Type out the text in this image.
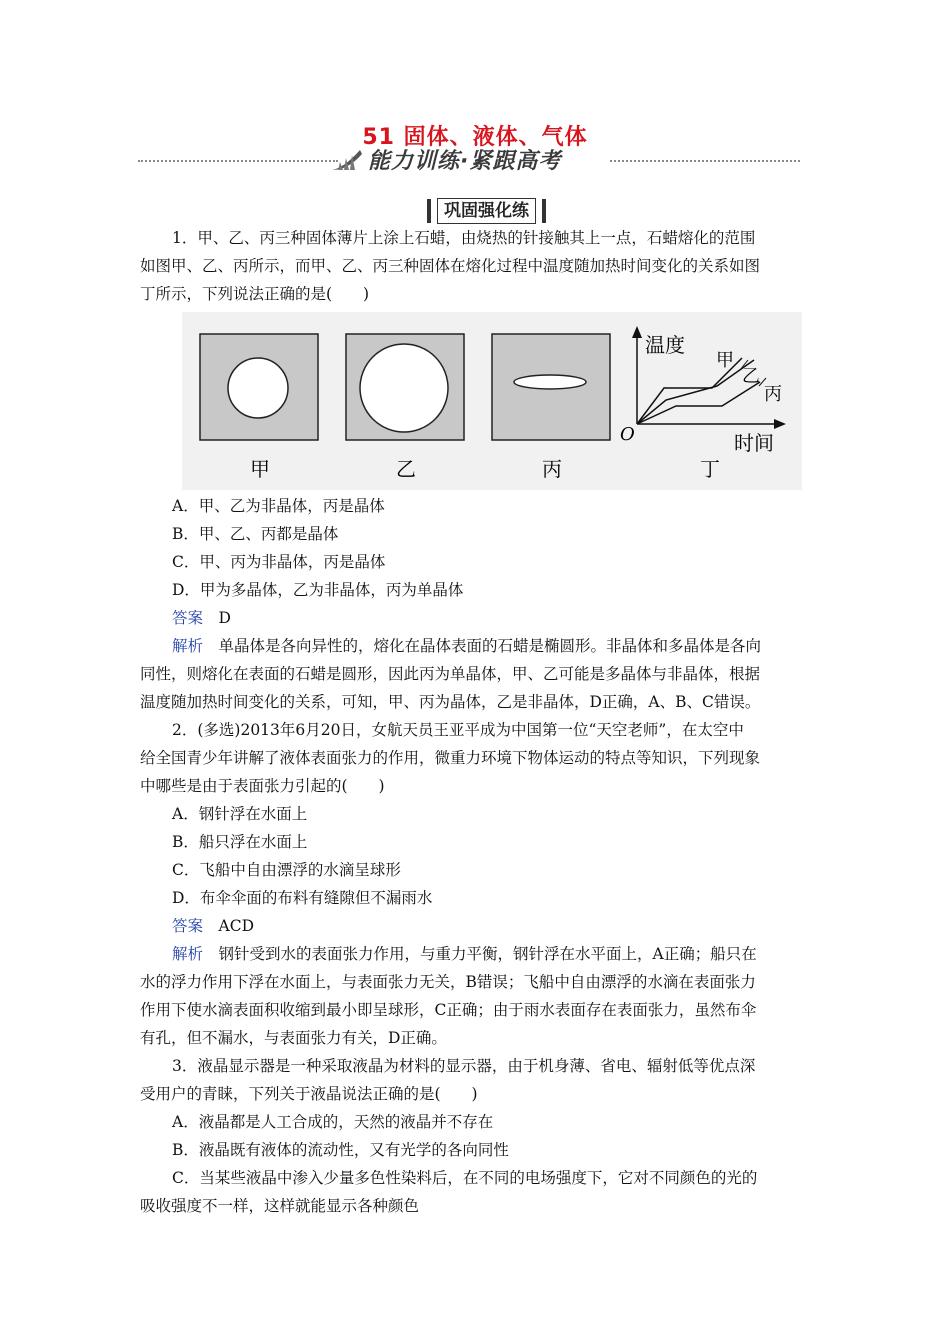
51 固体、液体、气体
能力训练·紧跟高考
巩固强化练
1．甲、乙、丙三种固体薄片上涂上石蜡，由烧热的针接触其上一点，石蜡熔化的范围
如图甲、乙、丙所示，而甲、乙、丙三种固体在熔化过程中温度随加热时间变化的关系如图
丁所示，下列说法正确的是(　　)
温度
甲
乙
丙
O	时间
甲	乙	丙	丁
A．甲、乙为非晶体，丙是晶体
B．甲、乙、丙都是晶体
C．甲、丙为非晶体，丙是晶体
D．甲为多晶体，乙为非晶体，丙为单晶体
答案　 D
解析　 单晶体是各向异性的，熔化在晶体表面的石蜡是椭圆形。非晶体和多晶体是各向
同性，则熔化在表面的石蜡是圆形，因此丙为单晶体，甲、乙可能是多晶体与非晶体，根据
温度随加热时间变化的关系，可知，甲、丙为晶体，乙是非晶体，D正确，A、B、C错误。
2．(多选)2013年6月20日，女航天员王亚平成为中国第一位“天空老师”，在太空中
给全国青少年讲解了液体表面张力的作用，微重力环境下物体运动的特点等知识，下列现象
中哪些是由于表面张力引起的(　　)
A．钢针浮在水面上
B．船只浮在水面上
C．飞船中自由漂浮的水滴呈球形
D．布伞伞面的布料有缝隙但不漏雨水
答案　 ACD
解析　 钢针受到水的表面张力作用，与重力平衡，钢针浮在水平面上，A正确；船只在
水的浮力作用下浮在水面上，与表面张力无关，B错误；飞船中自由漂浮的水滴在表面张力
作用下使水滴表面积收缩到最小即呈球形，C正确；由于雨水表面存在表面张力，虽然布伞
有孔，但不漏水，与表面张力有关，D正确。
3．液晶显示器是一种采取液晶为材料的显示器，由于机身薄、省电、辐射低等优点深
受用户的青睐，下列关于液晶说法正确的是(　　)
A．液晶都是人工合成的，天然的液晶并不存在
B．液晶既有液体的流动性，又有光学的各向同性
C．当某些液晶中渗入少量多色性染料后，在不同的电场强度下，它对不同颜色的光的
吸收强度不一样，这样就能显示各种颜色
